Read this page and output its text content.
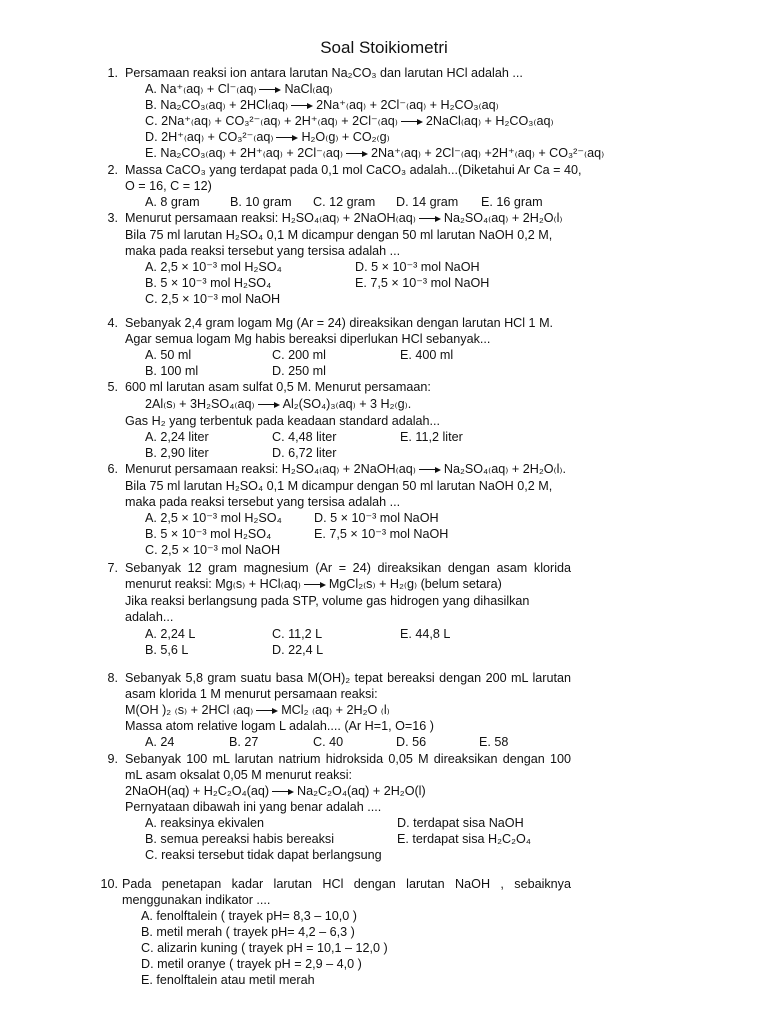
Soal Stoikiometri
1. Persamaan reaksi ion antara larutan Na₂CO₃ dan larutan HCl adalah ...
A. Na⁺₍aq₎ + Cl⁻₍aq₎ NaCl₍aq₎
B. Na₂CO₃₍aq₎ + 2HCl₍aq₎ 2Na⁺₍aq₎ + 2Cl⁻₍aq₎ + H₂CO₃₍aq₎
C. 2Na⁺₍aq₎ + CO₃²⁻₍aq₎ + 2H⁺₍aq₎ + 2Cl⁻₍aq₎ 2NaCl₍aq₎ + H₂CO₃₍aq₎
D. 2H⁺₍aq₎ + CO₃²⁻₍aq₎ H₂O₍g₎ + CO₂₍g₎
E. Na₂CO₃₍aq₎ + 2H⁺₍aq₎ + 2Cl⁻₍aq₎ 2Na⁺₍aq₎ + 2Cl⁻₍aq₎ +2H⁺₍aq₎ + CO₃²⁻₍aq₎
2. Massa CaCO₃ yang terdapat pada 0,1 mol CaCO₃ adalah...(Diketahui Ar Ca = 40,
O = 16, C = 12)
A. 8 gram B. 10 gram C. 12 gram D. 14 gram E. 16 gram
3. Menurut persamaan reaksi: H₂SO₄₍aq₎ + 2NaOH₍aq₎ Na₂SO₄₍aq₎ + 2H₂O₍l₎
Bila 75 ml larutan H₂SO₄ 0,1 M dicampur dengan 50 ml larutan NaOH 0,2 M,
maka pada reaksi tersebut yang tersisa adalah ...
A. 2,5 × 10⁻³ mol H₂SO₄	D. 5 × 10⁻³ mol NaOH
B. 5 × 10⁻³ mol H₂SO₄	E. 7,5 × 10⁻³ mol NaOH
C. 2,5 × 10⁻³ mol NaOH
4. Sebanyak 2,4 gram logam Mg (Ar = 24) direaksikan dengan larutan HCl 1 M.
Agar semua logam Mg habis bereaksi diperlukan HCl sebanyak...
A. 50 ml	C. 200 ml	E. 400 ml
B. 100 ml	D. 250 ml
5. 600 ml larutan asam sulfat 0,5 M. Menurut persamaan:
2Al₍s₎ + 3H₂SO₄₍aq₎ Al₂(SO₄)₃₍aq₎ + 3 H₂₍g₎.
Gas H₂ yang terbentuk pada keadaan standard adalah...
A. 2,24 liter	C. 4,48 liter	E. 11,2 liter
B. 2,90 liter	D. 6,72 liter
6. Menurut persamaan reaksi: H₂SO₄₍aq₎ + 2NaOH₍aq₎ Na₂SO₄₍aq₎ + 2H₂O₍l₎.
Bila 75 ml larutan H₂SO₄ 0,1 M dicampur dengan 50 ml larutan NaOH 0,2 M,
maka pada reaksi tersebut yang tersisa adalah ...
A. 2,5 × 10⁻³ mol H₂SO₄	D. 5 × 10⁻³ mol NaOH
B. 5 × 10⁻³ mol H₂SO₄	E. 7,5 × 10⁻³ mol NaOH
C. 2,5 × 10⁻³ mol NaOH
7. Sebanyak 12 gram magnesium (Ar = 24) direaksikan dengan asam klorida
menurut reaksi: Mg₍s₎ + HCl₍aq₎ MgCl₂₍s₎ + H₂₍g₎ (belum setara)
Jika reaksi berlangsung pada STP, volume gas hidrogen yang dihasilkan
adalah...
A. 2,24 L	C. 11,2 L	E. 44,8 L
B. 5,6 L	D. 22,4 L
8. Sebanyak 5,8 gram suatu basa M(OH)₂ tepat bereaksi dengan 200 mL larutan
asam klorida 1 M menurut persamaan reaksi:
M(OH )₂ ₍s₎ + 2HCl ₍aq₎ MCl₂ ₍aq₎ + 2H₂O ₍l₎
Massa atom relative logam L adalah.... (Ar H=1, O=16 )
A. 24	B. 27	C. 40	D. 56	E. 58
9. Sebanyak 100 mL larutan natrium hidroksida 0,05 M direaksikan dengan 100
mL asam oksalat 0,05 M menurut reaksi:
2NaOH(aq) + H₂C₂O₄(aq) Na₂C₂O₄(aq) + 2H₂O(l)
Pernyataan dibawah ini yang benar adalah ....
A. reaksinya ekivalen	D. terdapat sisa NaOH
B. semua pereaksi habis bereaksi	E. terdapat sisa H₂C₂O₄
C. reaksi tersebut tidak dapat berlangsung
10. Pada penetapan kadar larutan HCl dengan larutan NaOH , sebaiknya
menggunakan indikator ....
A. fenolftalein ( trayek pH= 8,3 – 10,0 )
B. metil merah ( trayek pH= 4,2 – 6,3 )
C. alizarin kuning ( trayek pH = 10,1 – 12,0 )
D. metil oranye ( trayek pH = 2,9 – 4,0 )
E. fenolftalein atau metil merah
